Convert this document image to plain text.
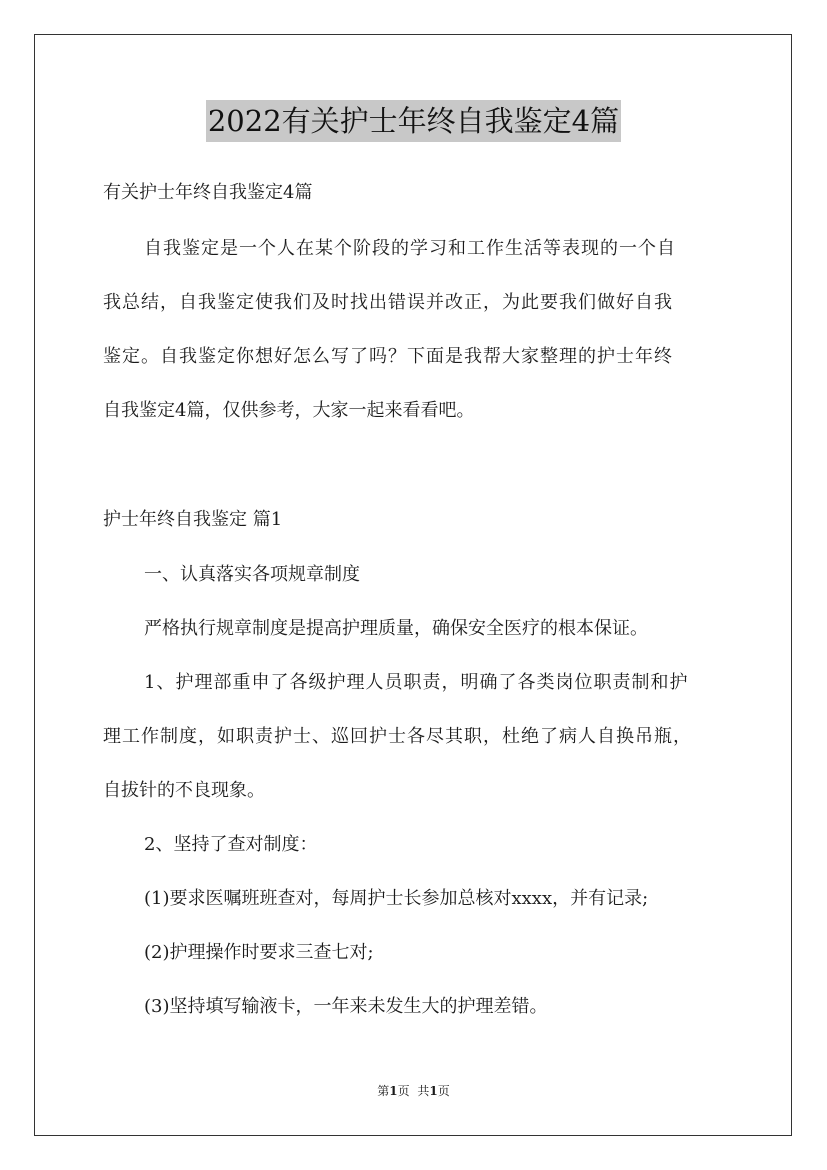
2022有关护士年终自我鉴定4篇
有关护士年终自我鉴定4篇
自我鉴定是一个人在某个阶段的学习和工作生活等表现的一个自
我总结，自我鉴定使我们及时找出错误并改正，为此要我们做好自我
鉴定。自我鉴定你想好怎么写了吗？下面是我帮大家整理的护士年终
自我鉴定4篇，仅供参考，大家一起来看看吧。
护士年终自我鉴定 篇1
一、认真落实各项规章制度
严格执行规章制度是提高护理质量，确保安全医疗的根本保证。
1、护理部重申了各级护理人员职责，明确了各类岗位职责制和护
理工作制度，如职责护士、巡回护士各尽其职，杜绝了病人自换吊瓶，
自拔针的不良现象。
2、坚持了查对制度：
(1)要求医嘱班班查对，每周护士长参加总核对xxxx，并有记录;
(2)护理操作时要求三查七对;
(3)坚持填写输液卡，一年来未发生大的护理差错。
第1页 共1页
